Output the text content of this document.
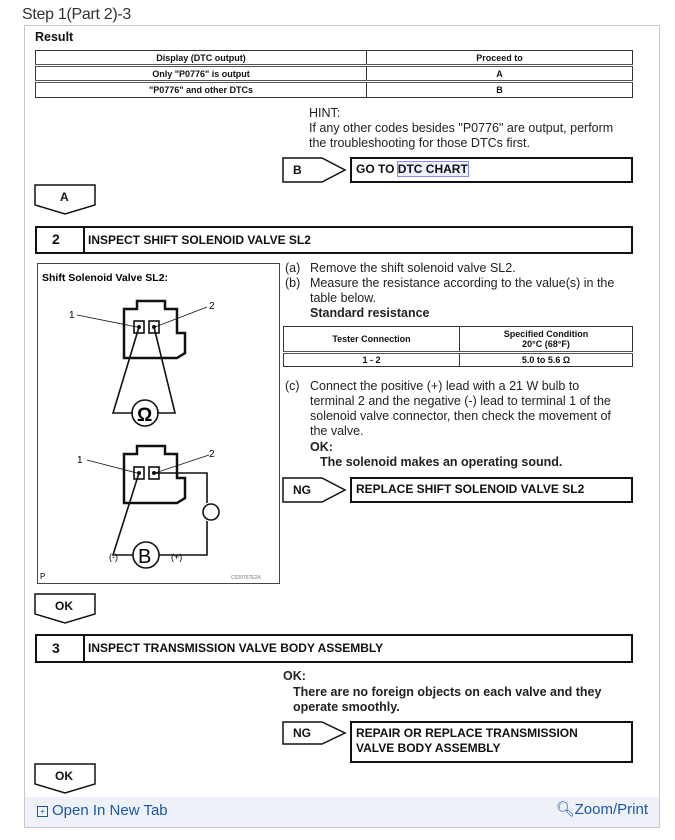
Step 1(Part 2)-3
Result
Display (DTC output)	Proceed to
Only "P0776" is output	A
"P0776" and other DTCs	B
HINT:
If any other codes besides "P0776" are output, perform
the troubleshooting for those DTCs first.
B	GO TO DTC CHART
A
2 INSPECT SHIFT SOLENOID VALVE SL2
Shift Solenoid Valve SL2:
1
2
Ω
1
2
B
(-)	(+)
P	C020767E2A
(a) Remove the shift solenoid valve SL2.
(b) Measure the resistance according to the value(s) in the
table below.
Standard resistance
Tester Connection	Specified Condition
20°C (68°F)
1 - 2	5.0 to 5.6 Ω
(c) Connect the positive (+) lead with a 21 W bulb to
terminal 2 and the negative (-) lead to terminal 1 of the
solenoid valve connector, then check the movement of
the valve.
OK:
The solenoid makes an operating sound.
NG	REPLACE SHIFT SOLENOID VALVE SL2
OK
3 INSPECT TRANSMISSION VALVE BODY ASSEMBLY
OK:
There are no foreign objects on each valve and they
operate smoothly.
NG	REPAIR OR REPLACE TRANSMISSION
VALVE BODY ASSEMBLY
OK
+ Open In New Tab	🔍︎Zoom/Print
